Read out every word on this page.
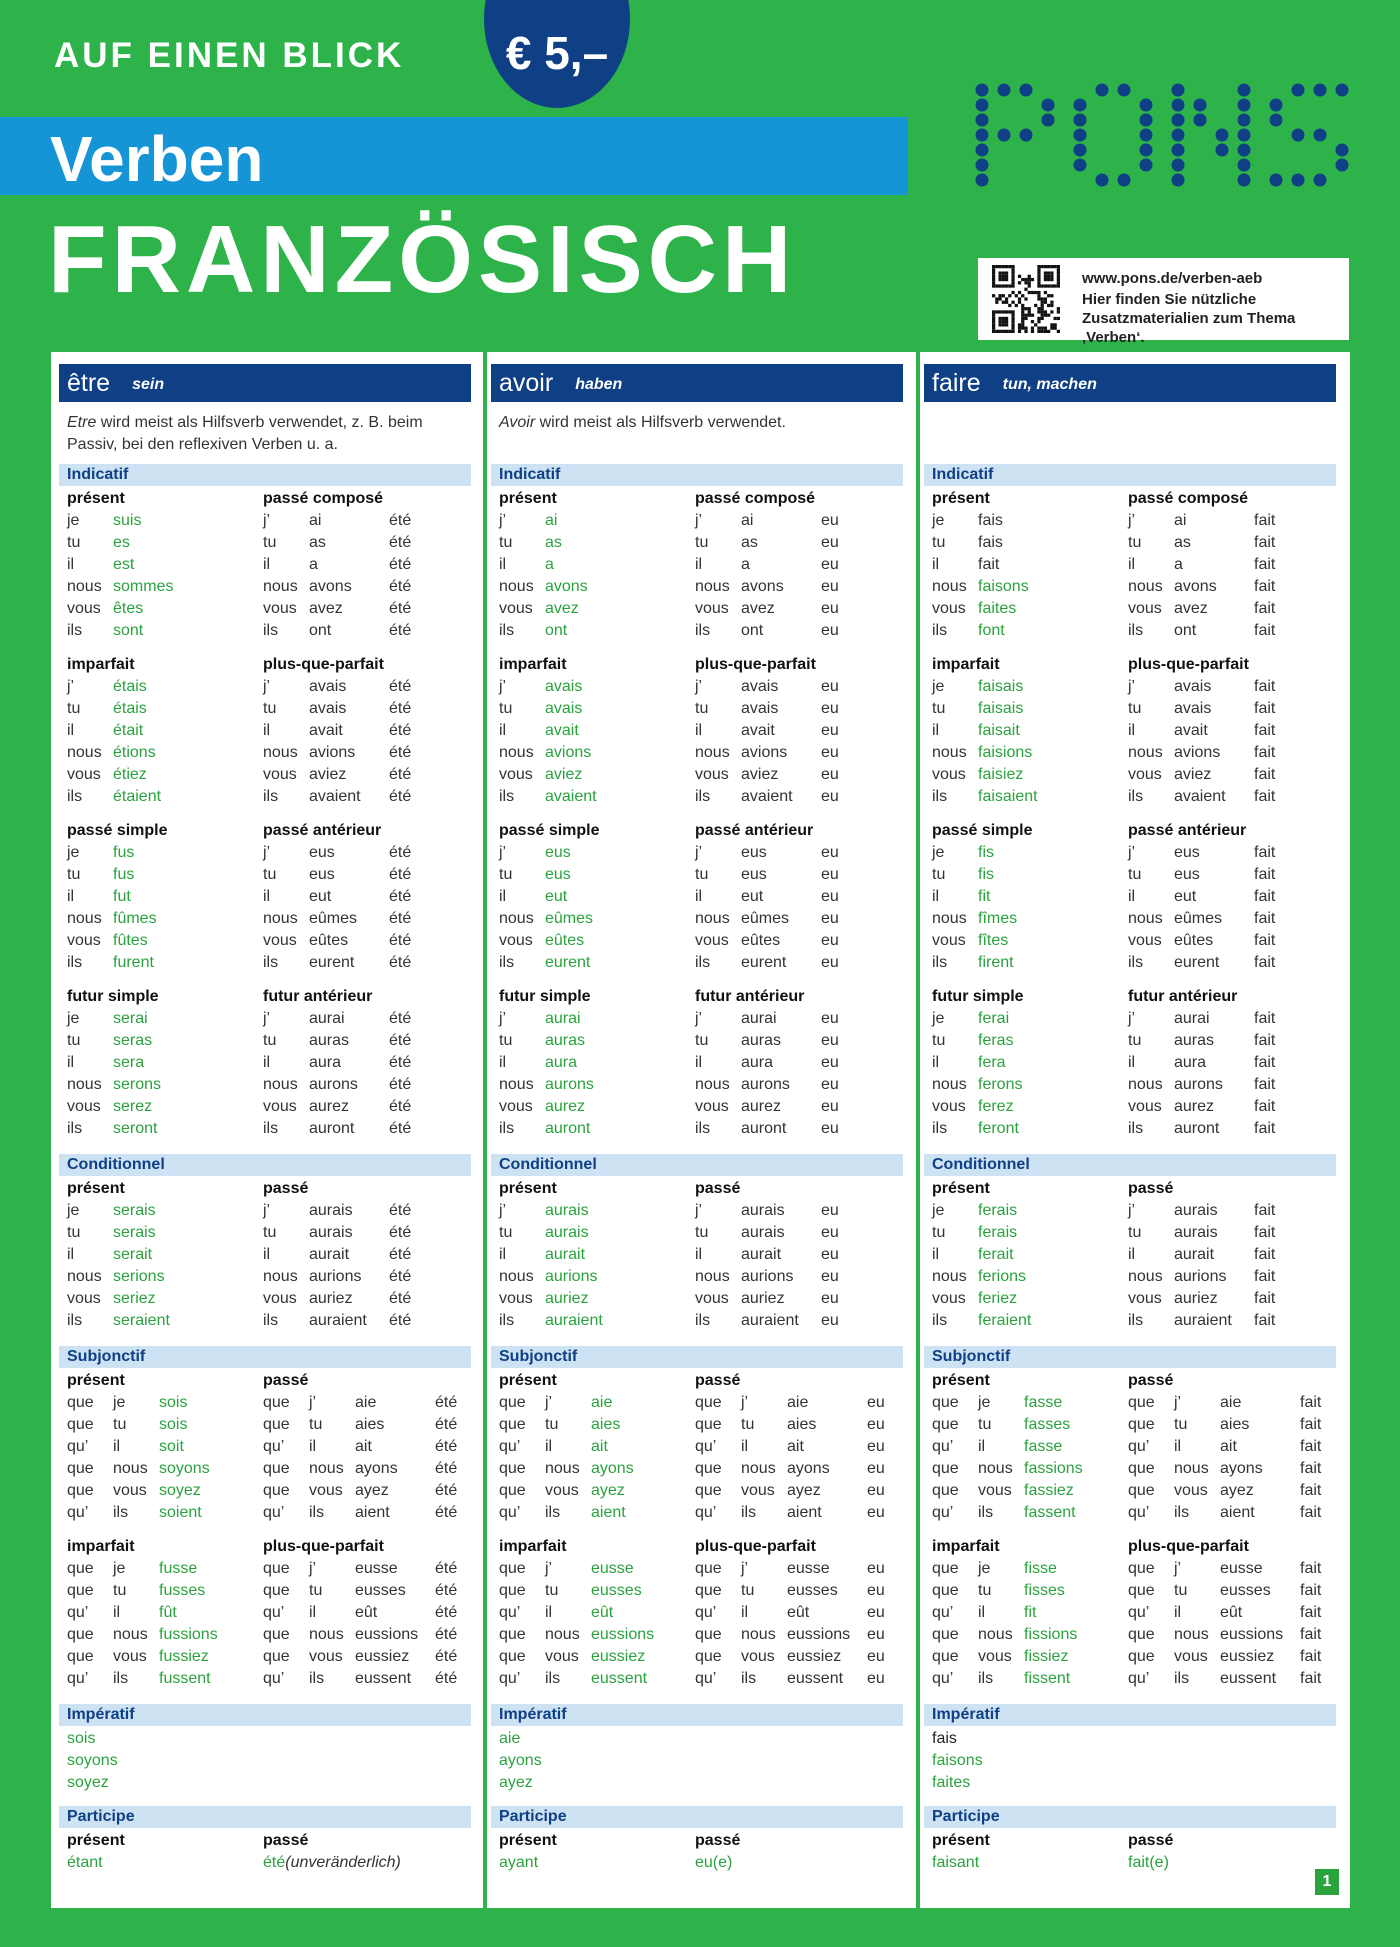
AUF EINEN BLICK € 5,–
Verben
FRANZÖSISCH
PONS
www.pons.de/verben-aeb
Hier finden Sie nützliche Zusatzmaterialien zum Thema ‚Verben‘.
être sein
Etre wird meist als Hilfsverb verwendet, z. B. beim Passiv, bei den reflexiven Verben u. a.
Indicatif
présent
je	suis
tu	es
il	est
nous sommes
vous êtes
ils	sont
passé composé
j’	ai	été
tu	as	été
il	a	été
nous avons	été
vous avez	été
ils	ont	été
imparfait
j’	étais
tu	étais
il	était
nous étions
vous étiez
ils	étaient
plus-que-parfait
j’	avais	été
tu	avais	été
il	avait	été
nous avions	été
vous aviez	été
ils	avaient	été
passé simple
je	fus
tu	fus
il	fut
nous fûmes
vous fûtes
ils	furent
passé antérieur
j’	eus	été
tu	eus	été
il	eut	été
nous eûmes	été
vous eûtes	été
ils	eurent	été
futur simple
je	serai
tu	seras
il	sera
nous serons
vous serez
ils	seront
futur antérieur
j’	aurai	été
tu	auras	été
il	aura	été
nous aurons	été
vous aurez	été
ils	auront	été
Conditionnel
présent
je	serais
tu	serais
il	serait
nous serions
vous seriez
ils	seraient
passé
j’	aurais	été
tu	aurais	été
il	aurait	été
nous aurions	été
vous auriez	été
ils	auraient	été
Subjonctif
présent
que	je	sois
que	tu	sois
qu’	il	soit
que	nous soyons
que	vous soyez
qu’	ils	soient
passé
que	j’	aie	été
que	tu	aies	été
qu’	il	ait	été
que	nous ayons	été
que	vous ayez	été
qu’	ils	aient	été
imparfait
que	je	fusse
que	tu	fusses
qu’	il	fût
que	nous fussions
que	vous fussiez
qu’	ils	fussent
plus-que-parfait
que	j’	eusse	été
que	tu	eusses	été
qu’	il	eût	été
que	nous eussions	été
que	vous eussiez	été
qu’	ils	eussent	été
Impératif
sois
soyons
soyez
Participe
présent
étant
passé
été (unveränderlich)
avoir haben
Avoir wird meist als Hilfsverb verwendet.
Indicatif
présent
j’	ai
tu	as
il	a
nous avons
vous avez
ils	ont
passé composé
j’	ai	eu
tu	as	eu
il	a	eu
nous avons	eu
vous avez	eu
ils	ont	eu
imparfait
j’	avais
tu	avais
il	avait
nous avions
vous aviez
ils	avaient
plus-que-parfait
j’	avais	eu
tu	avais	eu
il	avait	eu
nous avions	eu
vous aviez	eu
ils	avaient	eu
passé simple
j’	eus
tu	eus
il	eut
nous eûmes
vous eûtes
ils	eurent
passé antérieur
j’	eus	eu
tu	eus	eu
il	eut	eu
nous eûmes	eu
vous eûtes	eu
ils	eurent	eu
futur simple
j’	aurai
tu	auras
il	aura
nous aurons
vous aurez
ils	auront
futur antérieur
j’	aurai	eu
tu	auras	eu
il	aura	eu
nous aurons	eu
vous aurez	eu
ils	auront	eu
Conditionnel
présent
j’	aurais
tu	aurais
il	aurait
nous aurions
vous auriez
ils	auraient
passé
j’	aurais	eu
tu	aurais	eu
il	aurait	eu
nous aurions	eu
vous auriez	eu
ils	auraient	eu
Subjonctif
présent
que	j’	aie
que	tu	aies
qu’	il	ait
que	nous ayons
que	vous ayez
qu’	ils	aient
passé
que	j’	aie	eu
que	tu	aies	eu
qu’	il	ait	eu
que	nous ayons	eu
que	vous ayez	eu
qu’	ils	aient	eu
imparfait
que	j’	eusse
que	tu	eusses
qu’	il	eût
que	nous eussions
que	vous eussiez
qu’	ils	eussent
plus-que-parfait
que	j’	eusse	eu
que	tu	eusses	eu
qu’	il	eût	eu
que	nous eussions	eu
que	vous eussiez	eu
qu’	ils	eussent	eu
Impératif
aie
ayons
ayez
Participe
présent
ayant
passé
eu(e)
faire tun, machen
Indicatif
présent
je	fais
tu	fais
il	fait
nous faisons
vous faites
ils	font
passé composé
j’	ai	fait
tu	as	fait
il	a	fait
nous avons	fait
vous avez	fait
ils	ont	fait
imparfait
je	faisais
tu	faisais
il	faisait
nous faisions
vous faisiez
ils	faisaient
plus-que-parfait
j’	avais	fait
tu	avais	fait
il	avait	fait
nous avions	fait
vous aviez	fait
ils	avaient	fait
passé simple
je	fis
tu	fis
il	fit
nous fîmes
vous fîtes
ils	firent
passé antérieur
j’	eus	fait
tu	eus	fait
il	eut	fait
nous eûmes	fait
vous eûtes	fait
ils	eurent	fait
futur simple
je	ferai
tu	feras
il	fera
nous ferons
vous ferez
ils	feront
futur antérieur
j’	aurai	fait
tu	auras	fait
il	aura	fait
nous aurons	fait
vous aurez	fait
ils	auront	fait
Conditionnel
présent
je	ferais
tu	ferais
il	ferait
nous ferions
vous feriez
ils	feraient
passé
j’	aurais	fait
tu	aurais	fait
il	aurait	fait
nous aurions	fait
vous auriez	fait
ils	auraient	fait
Subjonctif
présent
que	je	fasse
que	tu	fasses
qu’	il	fasse
que	nous fassions
que	vous fassiez
qu’	ils	fassent
passé
que	j’	aie	fait
que	tu	aies	fait
qu’	il	ait	fait
que	nous ayons	fait
que	vous ayez	fait
qu’	ils	aient	fait
imparfait
que	je	fisse
que	tu	fisses
qu’	il	fit
que	nous fissions
que	vous fissiez
qu’	ils	fissent
plus-que-parfait
que	j’	eusse	fait
que	tu	eusses	fait
qu’	il	eût	fait
que	nous eussions	fait
que	vous eussiez	fait
qu’	ils	eussent	fait
Impératif
fais
faisons
faites
Participe
présent
faisant
passé
fait(e)
1
